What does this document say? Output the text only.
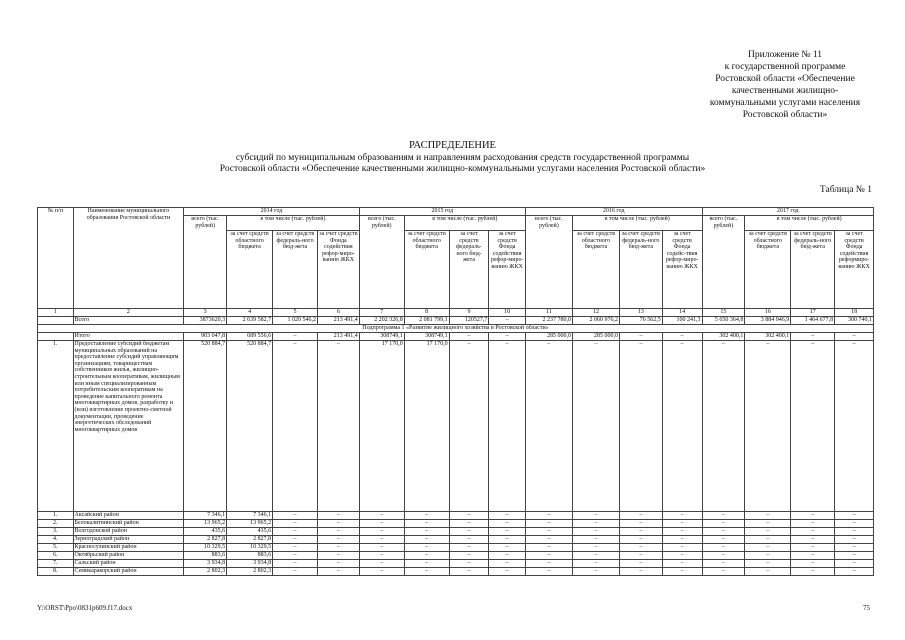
Приложение № 11
к государственной программе
Ростовской области «Обеспечение
качественными жилищно-
коммунальными услугами населения
Ростовской области»
РАСПРЕДЕЛЕНИЕ
субсидий по муниципальным образованиям и направлениям расходования средств государственной программы
Ростовской области «Обеспечение качественными жилищно-коммунальными услугами населения Ростовской области»
Таблица № 1
№ п/п	Наименование муниципального образования Ростовской области	2014 год				2015 год				2016 год				2017 год			
		всего (тыс. рублей)	в том числе (тыс. рублей)			всего (тыс. рублей)	в том числе (тыс. рублей)			всего (тыс. рублей)	в том числе (тыс. рублей)			всего (тыс. рублей)	в том числе (тыс. рублей)		
			за счет средств областного бюджета	за счет средств федераль-ного бюд-жета	за счет средств Фонда содействия рефор-миро-ванию ЖКХ		за счет средств областного бюджета	за счет средств федераль-ного бюд-жета	за счет средств Фонда содействия рефор-миро-ванию ЖКХ		за счет средств областного бюджета	за счет средств федераль-ного бюд-жета	за счет средств Фонда содейс-твия рефор-миро-ванию ЖКХ		за счет средств областного бюджета	за счет средств федераль-ного бюд-жета	за счет средств Фонда содействия реформиро-ванию ЖКХ
1	2	3	4	5	6	7	8	9	10	11	12	13	14	15	16	17	18
	Всего	3873620,3	2 639 582,7	1 020 546,2	213 491,4	2 202 326,8	2 081 799,1	120527,7	–	2 237 780,0	2 060 976,2	76 562,5	100 241,3	5 650 364,8	3 884 946,9	1 464 677,8	300 740,1
Подпрограмма 1 «Развитие жилищного хозяйства в Ростовской области»																	
	Итого	903 047,8	689 556,6	–	213 491,4	308749,1	308749,1	–	–	285 000,0	285 000,0	–	–	302 400,1	302 400,1	–	–
1.	Предоставление субсидий бюджетам муниципальных образований на предоставление субсидий управляющим организациям, товариществам собственников жилья, жилищно-строительным кооперативам, жилищным или иным специализированным потребительским кооперативам на проведение капитального ремонта многоквартирных домов, разработку и (или) изготовление проектно-сметной документации, проведение энергетических обследований многоквартирных домов	520 884,7	520 884,7	–	–	17 170,0	17 170,0	–	–	–	–	–	–	–	–	–	–
1.	Аксайский район	7 346,1	7 346,1	–	–	–	–	–	–	–	–	–	–	–	–	–	–
2.	Белокалитвинский район	13 965,2	13 965,2	–	–	–	–	–	–	–	–	–	–	–	–	–	–
3.	Волгодонской район	435,6	435,6	–	–	–	–	–	–	–	–	–	–	–	–	–	–
4.	Зерноградский район	2 827,8	2 827,8	–	–	–	–	–	–	–	–	–	–	–	–	–	–
5.	Красносулинский район	10 329,5	10 329,5	–	–	–	–	–	–	–	–	–	–	–	–	–	–
6.	Октябрьский район	883,6	883,6	–	–	–	–	–	–	–	–	–	–	–	–	–	–
7.	Сальский район	3 934,8	3 934,8	–	–	–	–	–	–	–	–	–	–	–	–	–	–
8.	Семикаракорский район	2 802,3	2 802,3	–	–	–	–	–	–	–	–	–	–	–	–	–	–
Y:\ORST\Ppo\0831p609.f17.docx	75
